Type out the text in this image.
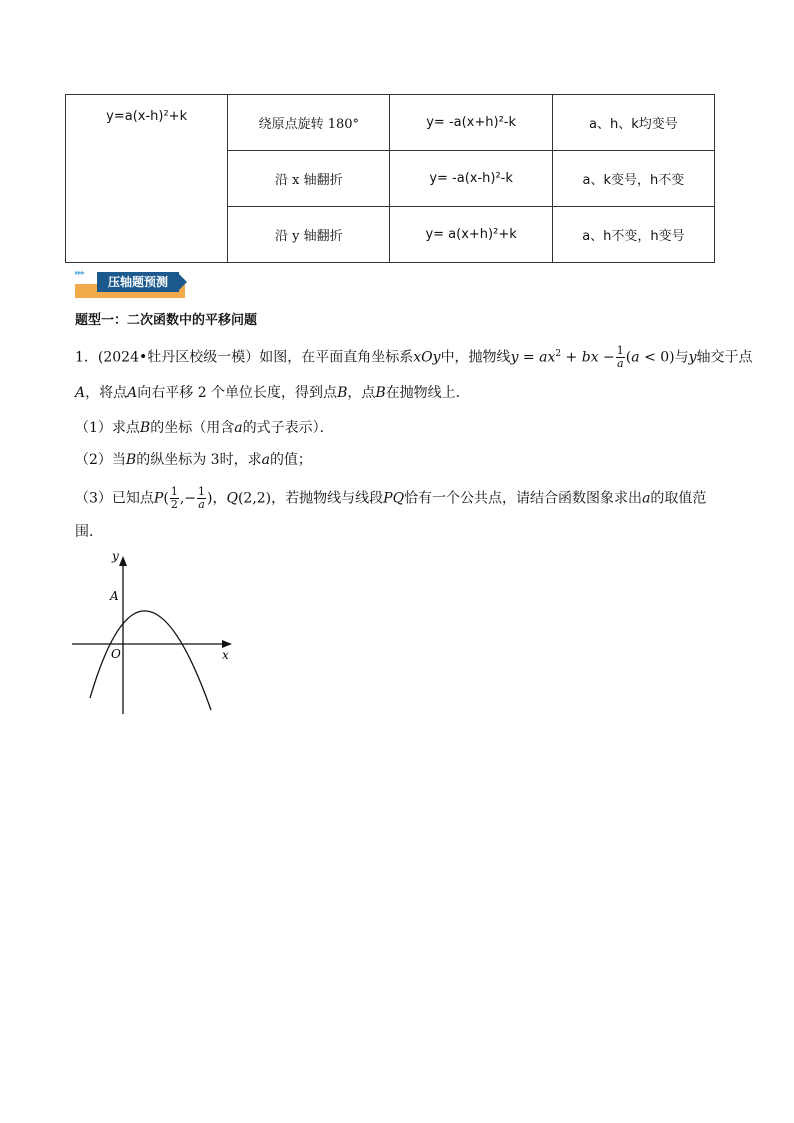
y=a(x-h)²+k	绕原点旋转 180°	y= -a(x+h)²-k	a、h、k均变号
	沿 x 轴翻折	y= -a(x-h)²-k	a、k变号，h不变
	沿 y 轴翻折	y= a(x+h)²+k	a、h不变，h变号
▸▸▸
压轴题预测
题型一：二次函数中的平移问题
1．(2024•牡丹区校级一模）如图，在平面直角坐标系xOy中，抛物线$y = ax^2$ + bx − $\frac{1}{a} (a < 0)$与y轴交于点
A，将点A向右平移 2 个单位长度，得到点B，点B在抛物线上．
（1）求点B的坐标（用含a的式子表示）．
（2）当B的纵坐标为 3时，求a的值；
（3）已知点$P( \frac{1}{2}$ ,− $\frac{1}{a}$ )，Q(2,2)，若抛物线与线段PQ恰有一个公共点，请结合函数图象求出a的取值范
围．
y
x
O
A
